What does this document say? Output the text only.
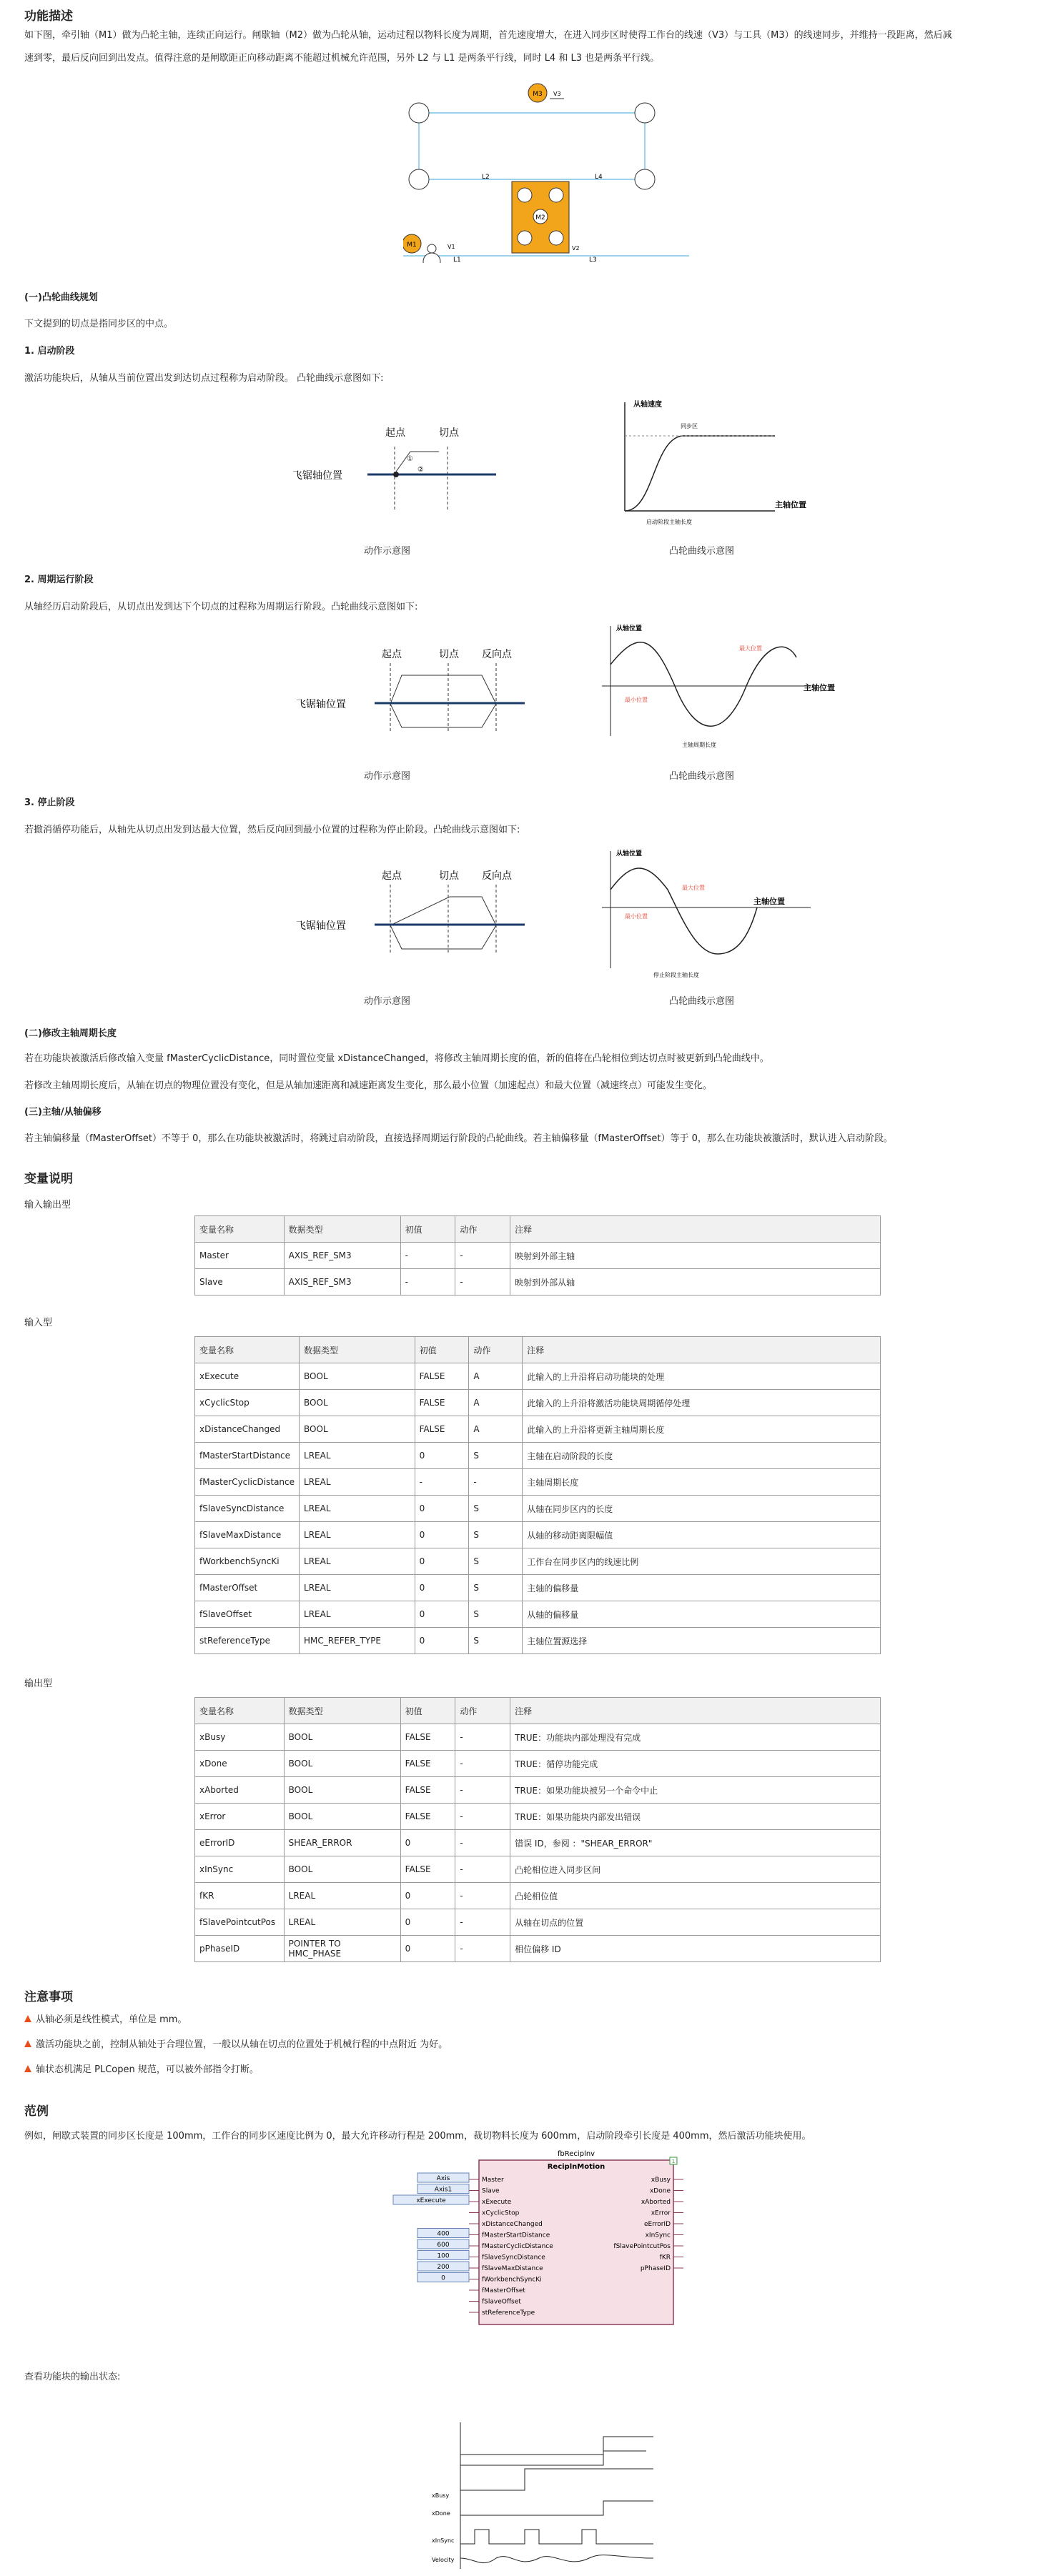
功能描述
如下图，牵引轴（M1）做为凸轮主轴，连续正向运行。闸歇轴（M2）做为凸轮从轴，运动过程以物料长度为周期，首先速度增大，在进入同步区时使得工作台的线速（V3）与工具（M3）的线速同步，并维持一段距离，然后减
速到零，最后反向回到出发点。值得注意的是闸歇距正向移动距离不能超过机械允许范围，另外 L2 与 L1 是两条平行线，同时 L4 和 L3 也是两条平行线。
M3 V3
L2	L4
M2
M1	V1	V2
L1	L3
(一)凸轮曲线规划
下文提到的切点是指同步区的中点。
1. 启动阶段
激活功能块后，从轴从当前位置出发到达切点过程称为启动阶段。 凸轮曲线示意图如下:
起点	切点
①
②
飞锯轴位置
动作示意图
从轴速度
同步区
主轴位置
启动阶段主轴长度
凸轮曲线示意图
2. 周期运行阶段
从轴经历启动阶段后，从切点出发到达下个切点的过程称为周期运行阶段。凸轮曲线示意图如下:
起点	切点 反向点
飞锯轴位置
动作示意图
从轴位置
主轴位置
最小位置
最大位置
主轴周期长度
凸轮曲线示意图
3. 停止阶段
若撤消循停功能后，从轴先从切点出发到达最大位置，然后反向回到最小位置的过程称为停止阶段。凸轮曲线示意图如下:
起点	切点 反向点
飞锯轴位置
动作示意图
从轴位置
主轴位置
最小位置
最大位置
停止阶段主轴长度
凸轮曲线示意图
(二)修改主轴周期长度
若在功能块被激活后修改输入变量 fMasterCyclicDistance，同时置位变量 xDistanceChanged，将修改主轴周期长度的值，新的值将在凸轮相位到达切点时被更新到凸轮曲线中。
若修改主轴周期长度后，从轴在切点的物理位置没有变化，但是从轴加速距离和减速距离发生变化，那么最小位置（加速起点）和最大位置（减速终点）可能发生变化。
(三)主轴/从轴偏移
若主轴偏移量（fMasterOffset）不等于 0，那么在功能块被激活时，将跳过启动阶段，直接选择周期运行阶段的凸轮曲线。若主轴偏移量（fMasterOffset）等于 0，那么在功能块被激活时，默认进入启动阶段。
变量说明
输入输出型
变量名称	数据类型	初值	动作	注释
Master	AXIS_REF_SM3	-	-	映射到外部主轴
Slave	AXIS_REF_SM3	-	-	映射到外部从轴
输入型
变量名称	数据类型	初值	动作	注释
xExecute	BOOL	FALSE	A	此输入的上升沿将启动功能块的处理
xCyclicStop	BOOL	FALSE	A	此输入的上升沿将激活功能块周期循停处理
xDistanceChanged	BOOL	FALSE	A	此输入的上升沿将更新主轴周期长度
fMasterStartDistance	LREAL	0	S	主轴在启动阶段的长度
fMasterCyclicDistance	LREAL	-	-	主轴周期长度
fSlaveSyncDistance	LREAL	0	S	从轴在同步区内的长度
fSlaveMaxDistance	LREAL	0	S	从轴的移动距离限幅值
fWorkbenchSyncKi	LREAL	0	S	工作台在同步区内的线速比例
fMasterOffset	LREAL	0	S	主轴的偏移量
fSlaveOffset	LREAL	0	S	从轴的偏移量
stReferenceType	HMC_REFER_TYPE	0	S	主轴位置源选择
输出型
变量名称	数据类型	初值	动作	注释
xBusy	BOOL	FALSE	-	TRUE：功能块内部处理没有完成
xDone	BOOL	FALSE	-	TRUE：循停功能完成
xAborted	BOOL	FALSE	-	TRUE：如果功能块被另一个命令中止
xError	BOOL	FALSE	-	TRUE：如果功能块内部发出错误
eErrorID	SHEAR_ERROR	0	-	错误 ID，参阅 ："SHEAR_ERROR"
xInSync	BOOL	FALSE	-	凸轮相位进入同步区间
fKR	LREAL	0	-	凸轮相位值
fSlavePointcutPos	LREAL	0	-	从轴在切点的位置
pPhaseID	POINTER TO HMC_PHASE	0	-	相位偏移 ID
注意事项
从轴必须是线性模式，单位是 mm。
激活功能块之前，控制从轴处于合理位置，一般以从轴在切点的位置处于机械行程的中点附近 为好。
轴状态机满足 PLCopen 规范，可以被外部指令打断。
范例
例如，闸歇式装置的同步区长度是 100mm，工作台的同步区速度比例为 0，最大允许移动行程是 200mm，裁切物料长度为 600mm，启动阶段牵引长度是 400mm，然后激活功能块使用。
fbReciplnv
1
ReciplnMotion
Master
Slave
xExecute
xCyclicStop
xDistanceChanged
fMasterStartDistance
fMasterCyclicDistance
fSlaveSyncDistance
fSlaveMaxDistance
fWorkbenchSyncKi
fMasterOffset
fSlaveOffset
stReferenceType
xBusy
xDone
xAborted
xError
eErrorID
xInSync
fSlavePointcutPos
fKR
pPhaseID
Axis
Axis1
xExecute
400
600
100
200
0
查看功能块的输出状态:
xBusy
xDone
xInSync
Velocity
